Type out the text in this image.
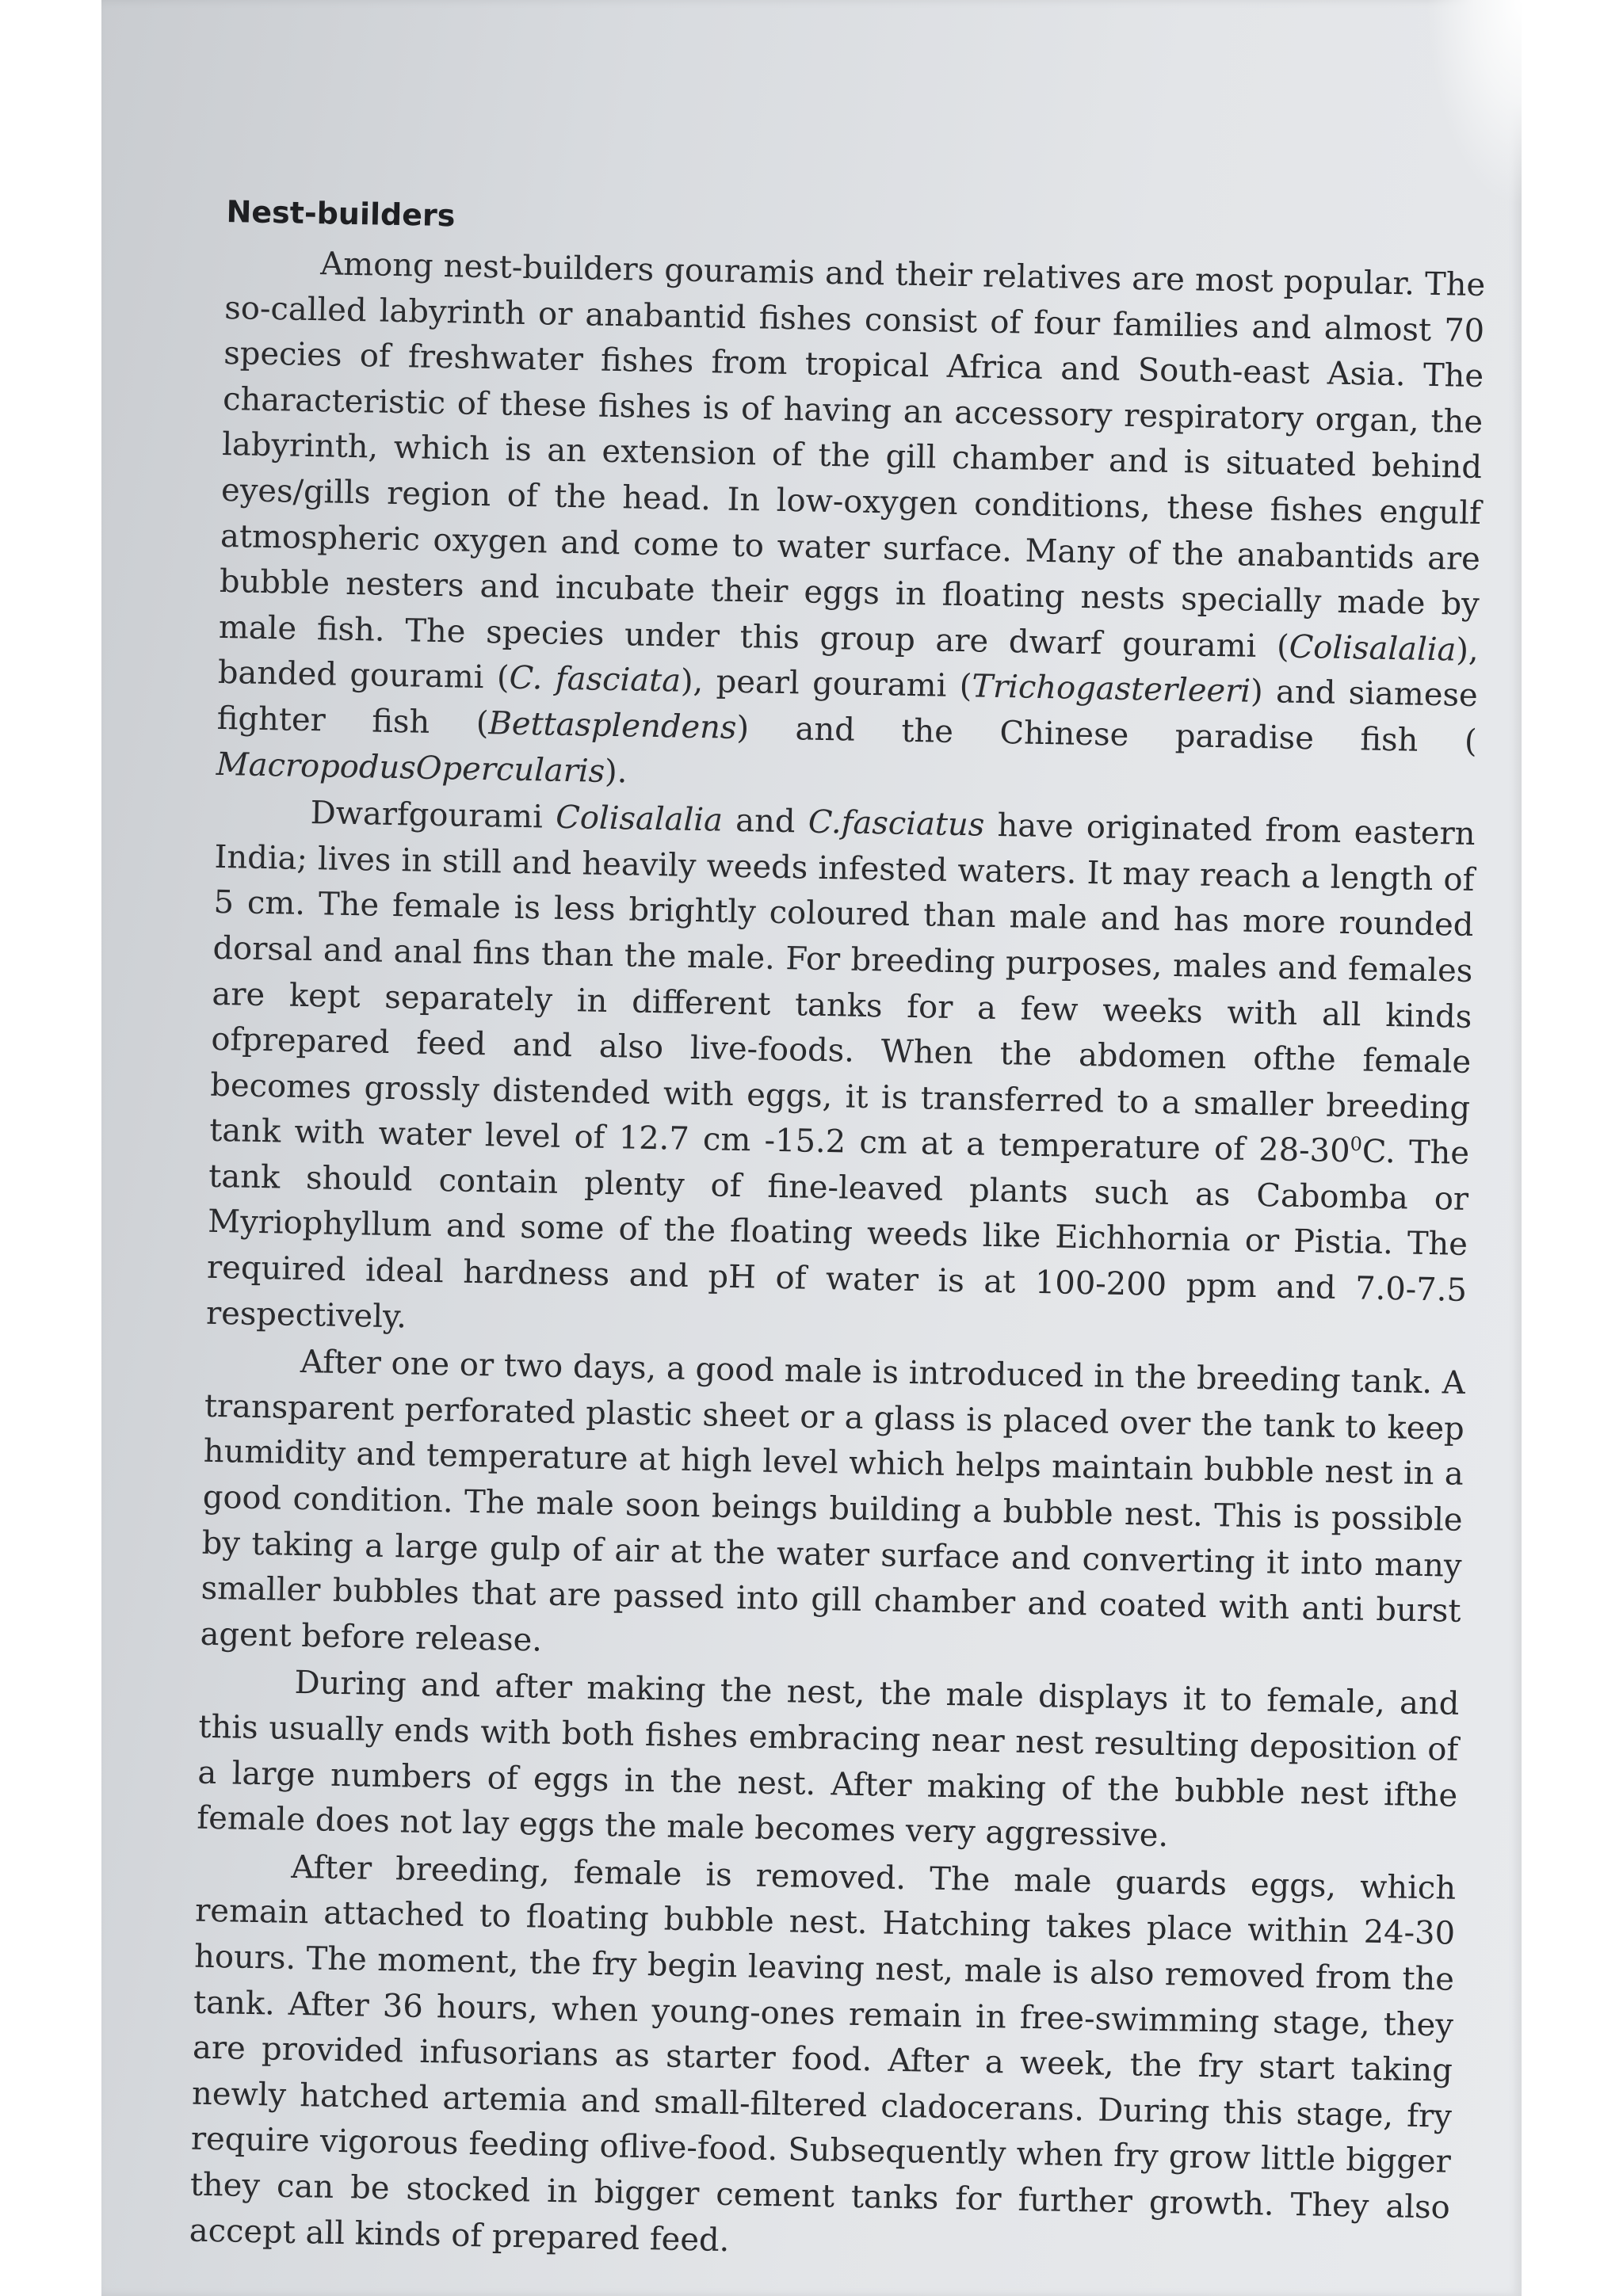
Nest-builders

Among nest-builders gouramis and their relatives are most popular. The so-called labyrinth or anabantid fishes consist of four families and almost 70 species of freshwater fishes from tropical Africa and South-east Asia. The characteristic of these fishes is of having an accessory respiratory organ, the labyrinth, which is an extension of the gill chamber and is situated behind eyes/gills region of the head. In low-oxygen conditions, these fishes engulf atmospheric oxygen and come to water surface. Many of the anabantids are bubble nesters and incubate their eggs in floating nests specially made by male fish. The species under this group are dwarf gourami (Colisalalia), banded gourami (C. fasciata), pearl gourami (Trichogasterleeri) and siamese fighter fish (Bettasplendens) and the Chinese paradise fish ( MacropodusOpercularis).

Dwarfgourami Colisalalia and C.fasciatus have originated from eastern India; lives in still and heavily weeds infested waters. It may reach a length of 5 cm. The female is less brightly coloured than male and has more rounded dorsal and anal fins than the male. For breeding purposes, males and females are kept separately in different tanks for a few weeks with all kinds ofprepared feed and also live-foods. When the abdomen ofthe female becomes grossly distended with eggs, it is transferred to a smaller breeding tank with water level of 12.7 cm -15.2 cm at a temperature of $28-30^0C$. The tank should contain plenty of fine-leaved plants such as Cabomba or Myriophyllum and some of the floating weeds like Eichhornia or Pistia. The required ideal hardness and pH of water is at 100-200 ppm and 7.0-7.5 respectively.

After one or two days, a good male is introduced in the breeding tank. A transparent perforated plastic sheet or a glass is placed over the tank to keep humidity and temperature at high level which helps maintain bubble nest in a good condition. The male soon beings building a bubble nest. This is possible by taking a large gulp of air at the water surface and converting it into many smaller bubbles that are passed into gill chamber and coated with anti burst agent before release.

During and after making the nest, the male displays it to female, and this usually ends with both fishes embracing near nest resulting deposition of a large numbers of eggs in the nest. After making of the bubble nest ifthe female does not lay eggs the male becomes very aggressive.

After breeding, female is removed. The male guards eggs, which remain attached to floating bubble nest. Hatching takes place within 24-30 hours. The moment, the fry begin leaving nest, male is also removed from the tank. After 36 hours, when young-ones remain in free-swimming stage, they are provided infusorians as starter food. After a week, the fry start taking newly hatched artemia and small-filtered cladocerans. During this stage, fry require vigorous feeding oflive-food. Subsequently when fry grow little bigger they can be stocked in bigger cement tanks for further growth. They also accept all kinds of prepared feed.
